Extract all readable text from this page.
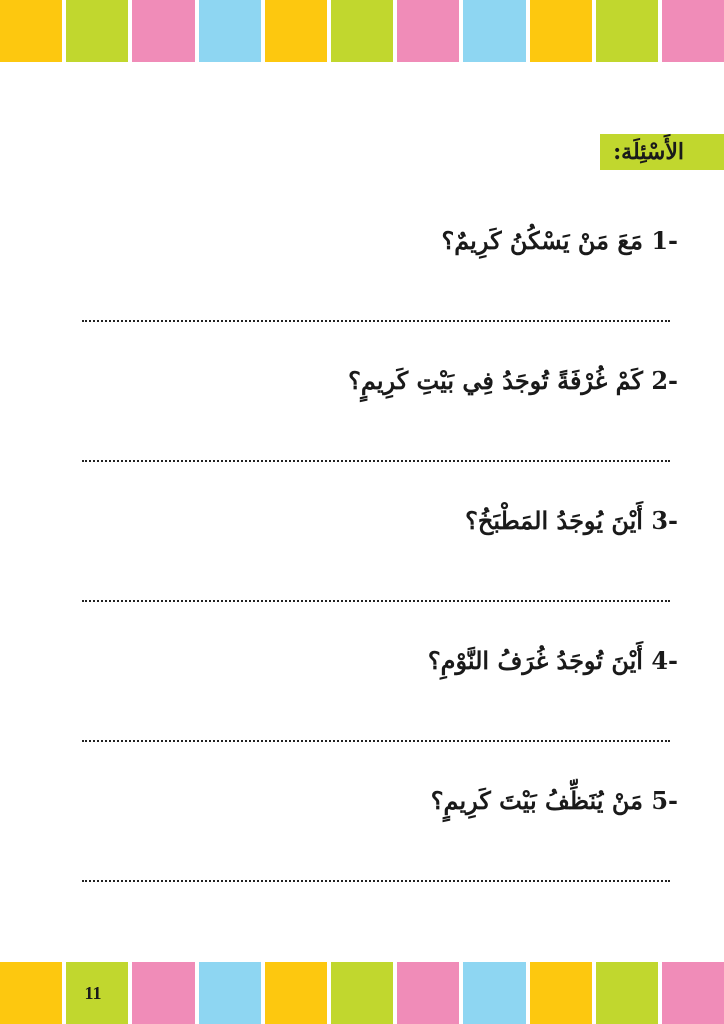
الأَسْئِلَة:
1- مَعَ مَنْ يَسْكُنُ كَرِيمٌ؟
2- كَمْ غُرْفَةً تُوجَدُ فِي بَيْتِ كَرِيمٍ؟
3- أَيْنَ يُوجَدُ المَطْبَخُ؟
4- أَيْنَ تُوجَدُ غُرَفُ النَّوْمِ؟
5- مَنْ يُنَظِّفُ بَيْتَ كَرِيمٍ؟
11
